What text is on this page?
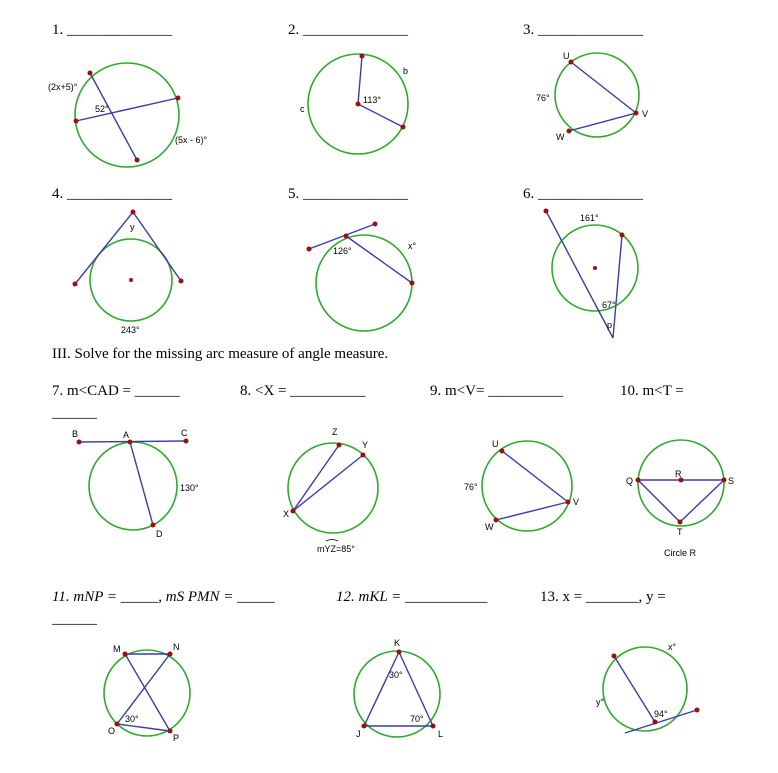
1. ______________	2. ______________	3. ______________
4. ______________	5. ______________	6. ______________
III. Solve for the missing arc measure of angle measure.
7. m<CAD = ______	8. <X = __________	9. m<V= __________	10. m<T =
______
11. mNP = _____, mS PMN = _____
______
12. mKL = ___________	13. x = _______, y =
(2x+5)°
52°
(5x - 6)°
b
c
113°
U
V
W
76°
y
243°
126°	x°
161°
67°
p
B	A	C
D
130°
Z
Y
X
mYZ=85°
U
V
W
76°
Q
R
S
T
Circle R
M	N
O
P
30°
K
J	L
30°
70°
x°
y°
94°
